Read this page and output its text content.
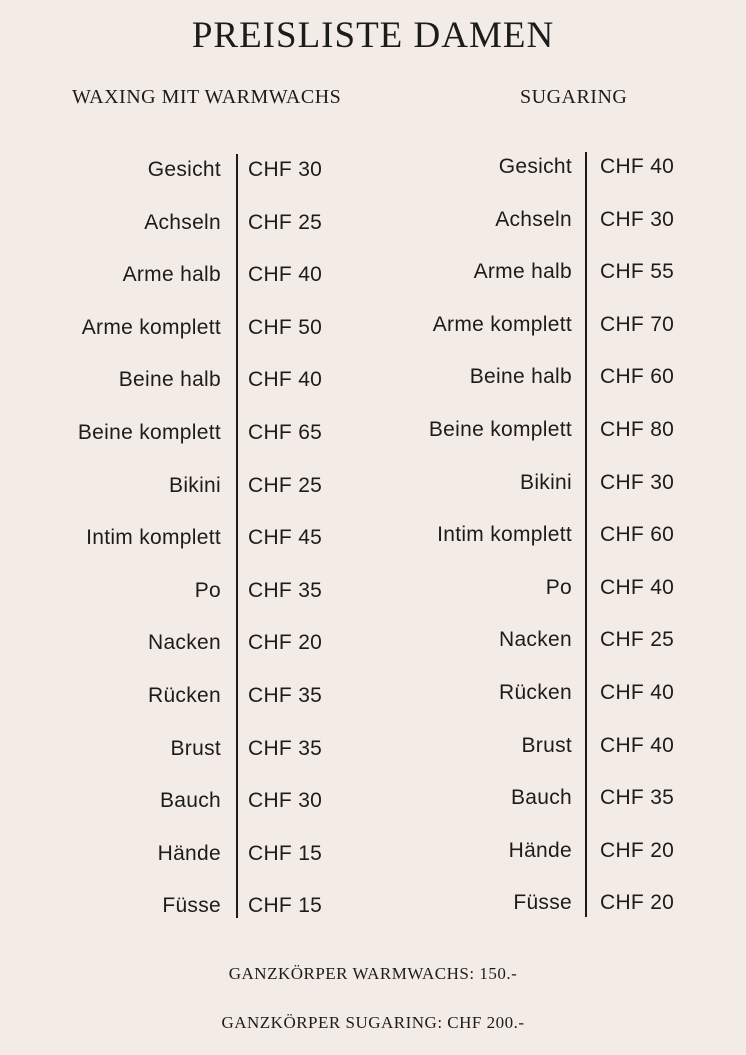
PREISLISTE DAMEN
WAXING MIT WARMWACHS	SUGARING
Gesicht CHF 30
Achseln CHF 25
Arme halb CHF 40
Arme komplett CHF 50
Beine halb CHF 40
Beine komplett CHF 65
Bikini CHF 25
Intim komplett CHF 45
Po CHF 35
Nacken CHF 20
Rücken CHF 35
Brust CHF 35
Bauch CHF 30
Hände CHF 15
Füsse CHF 15
Gesicht CHF 40
Achseln CHF 30
Arme halb CHF 55
Arme komplett CHF 70
Beine halb CHF 60
Beine komplett CHF 80
Bikini CHF 30
Intim komplett CHF 60
Po CHF 40
Nacken CHF 25
Rücken CHF 40
Brust CHF 40
Bauch CHF 35
Hände CHF 20
Füsse CHF 20
GANZKÖRPER WARMWACHS: 150.-
GANZKÖRPER SUGARING: CHF 200.-
